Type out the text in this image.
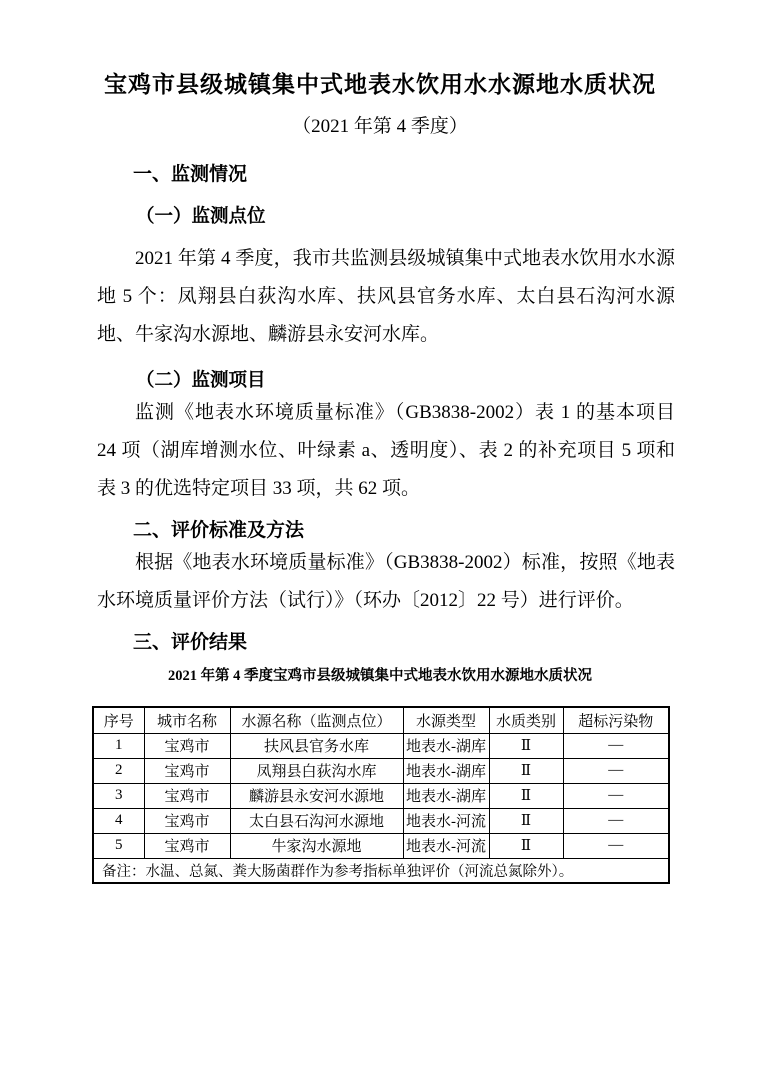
宝鸡市县级城镇集中式地表水饮用水水源地水质状况
（2021 年第 4 季度）
一、监测情况
（一）监测点位

2021 年第 4 季度，我市共监测县级城镇集中式地表水饮用水水源地 5 个：凤翔县白荻沟水库、扶风县官务水库、太白县石沟河水源地、牛家沟水源地、麟游县永安河水库。

（二）监测项目

监测《地表水环境质量标准》（GB3838-2002）表 1 的基本项目 24 项（湖库增测水位、叶绿素 a、透明度）、表 2 的补充项目 5 项和表 3 的优选特定项目 33 项，共 62 项。

二、评价标准及方法

根据《地表水环境质量标准》（GB3838-2002）标准，按照《地表水环境质量评价方法（试行）》（环办〔2012〕22 号）进行评价。

三、评价结果
2021 年第 4 季度宝鸡市县级城镇集中式地表水饮用水源地水质状况
序号	城市名称	水源名称（监测点位）	水源类型	水质类别	超标污染物
1	宝鸡市	扶风县官务水库	地表水-湖库	Ⅱ	—
2	宝鸡市	凤翔县白荻沟水库	地表水-湖库	Ⅱ	—
3	宝鸡市	麟游县永安河水源地	地表水-湖库	Ⅱ	—
4	宝鸡市	太白县石沟河水源地	地表水-河流	Ⅱ	—
5	宝鸡市	牛家沟水源地	地表水-河流	Ⅱ	—
备注：水温、总氮、粪大肠菌群作为参考指标单独评价（河流总氮除外）。					
